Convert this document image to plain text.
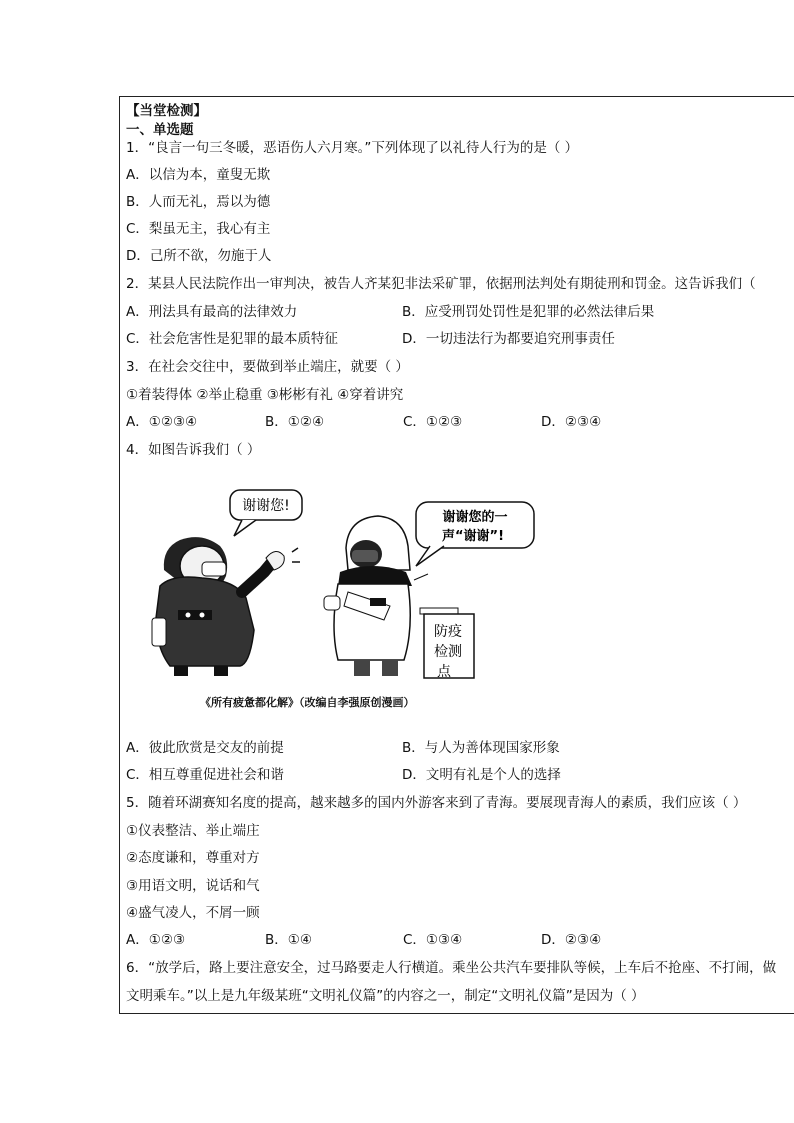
【当堂检测】
一、单选题
1．“良言一句三冬暖，恶语伤人六月寒。”下列体现了以礼待人行为的是（ ）
A．以信为本，童叟无欺
B．人而无礼，焉以为德
C．梨虽无主，我心有主
D．己所不欲，勿施于人
2．某县人民法院作出一审判决，被告人齐某犯非法采矿罪，依据刑法判处有期徒刑和罚金。这告诉我们（
A．刑法具有最高的法律效力	B．应受刑罚处罚性是犯罪的必然法律后果
C．社会危害性是犯罪的最本质特征	D．一切违法行为都要追究刑事责任
3．在社会交往中，要做到举止端庄，就要（ ）
①着装得体 ②举止稳重 ③彬彬有礼 ④穿着讲究
A．①②③④	B．①②④	C．①②③	D．②③④
4．如图告诉我们（ ）
谢谢您!
谢谢您的一
声“谢谢”!
防疫
检测
点
《所有疲惫都化解》（改编自李强原创漫画）
A．彼此欣赏是交友的前提	B．与人为善体现国家形象
C．相互尊重促进社会和谐	D．文明有礼是个人的选择
5．随着环湖赛知名度的提高，越来越多的国内外游客来到了青海。要展现青海人的素质，我们应该（ ）
①仪表整洁、举止端庄
②态度谦和，尊重对方
③用语文明，说话和气
④盛气凌人，不屑一顾
A．①②③	B．①④	C．①③④	D．②③④
6．“放学后，路上要注意安全，过马路要走人行横道。乘坐公共汽车要排队等候，上车后不抢座、不打闹，做
文明乘车。”以上是九年级某班“文明礼仪篇”的内容之一，制定“文明礼仪篇”是因为（ ）
